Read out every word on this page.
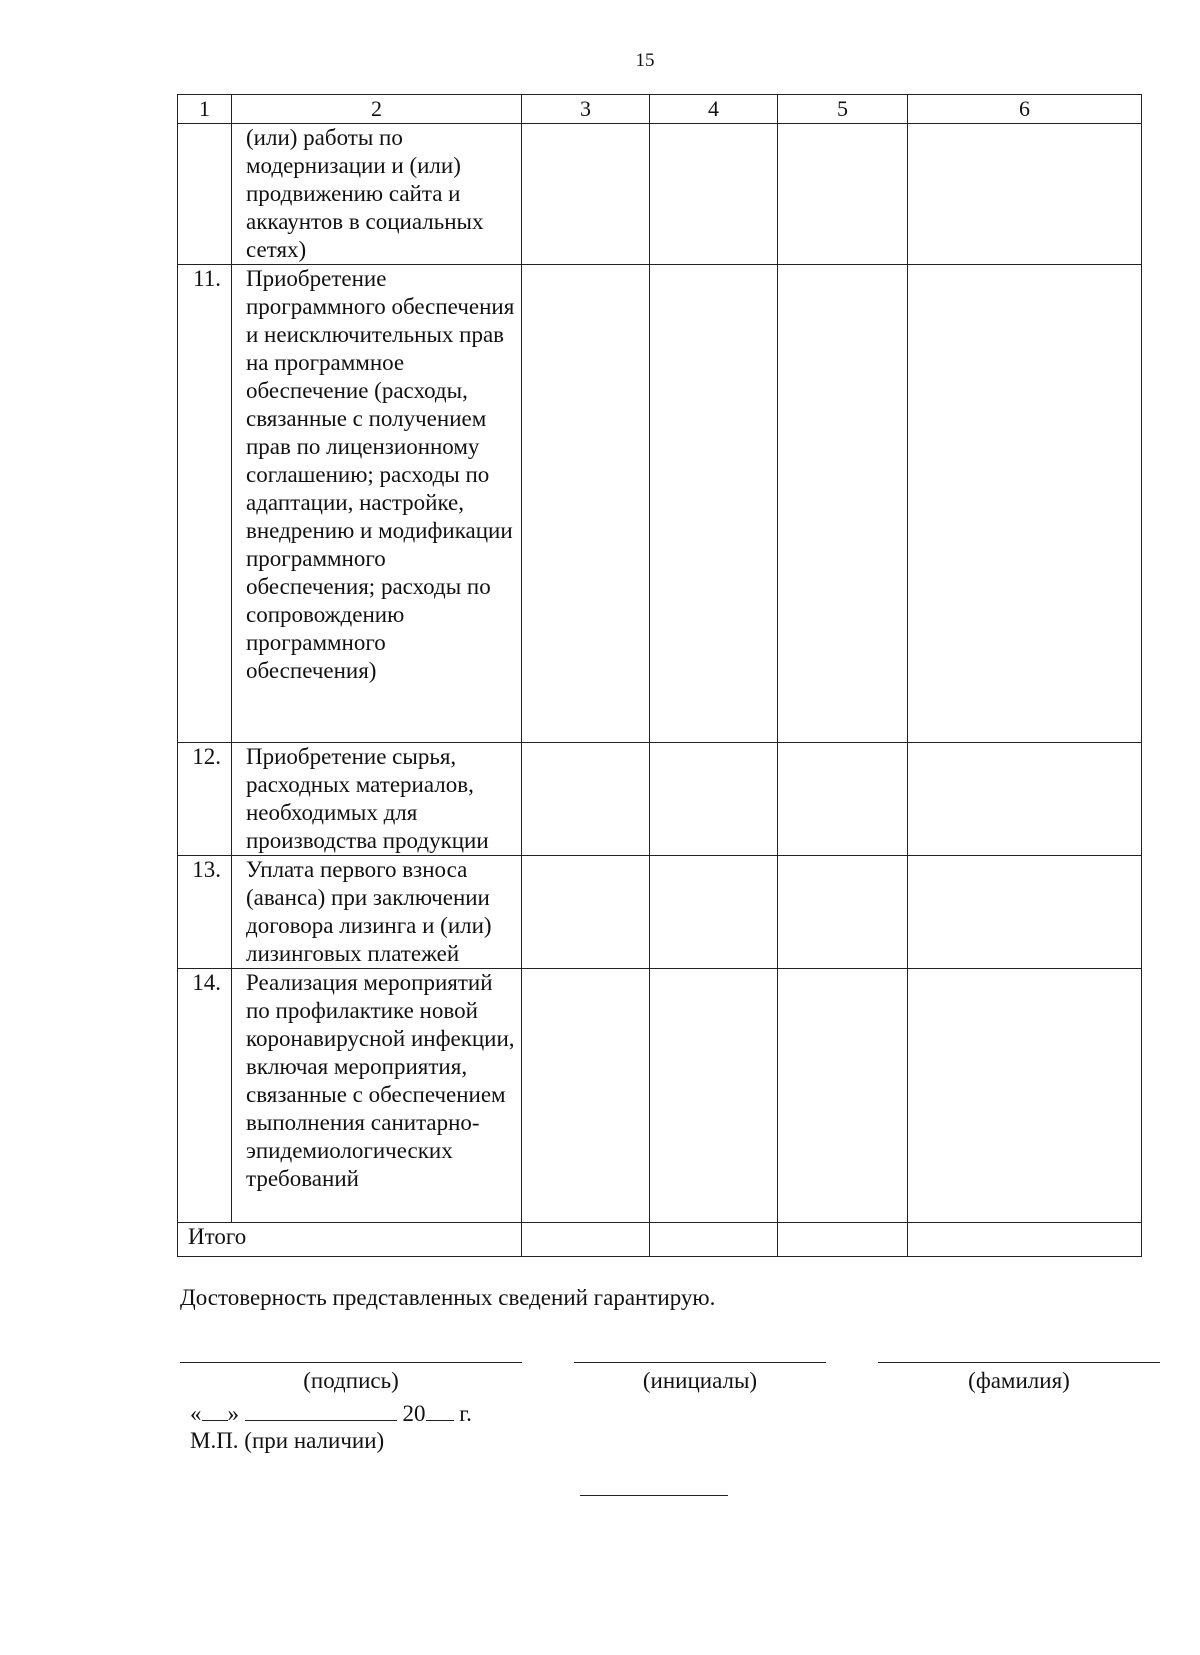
15
1	2	3	4	5	6
	(или) работы по модернизации и (или) продвижению сайта и аккаунтов в социальных сетях)				
11.	Приобретение программного обеспечения и неисключительных прав на программное обеспечение (расходы, связанные с получением прав по лицензионному соглашению; расходы по адаптации, настройке, внедрению и модификации программного обеспечения; расходы по сопровождению программного обеспечения)				
12.	Приобретение сырья, расходных материалов, необходимых для производства продукции				
13.	Уплата первого взноса (аванса) при заключении договора лизинга и (или) лизинговых платежей				
14.	Реализация мероприятий по профилактике новой коронавирусной инфекции, включая мероприятия, связанные с обеспечением выполнения санитарно-эпидемиологических требований				
Итого					
Достоверность представленных сведений гарантирую.
(подпись)	(инициалы)	(фамилия)
« »	20 г.
М.П. (при наличии)
